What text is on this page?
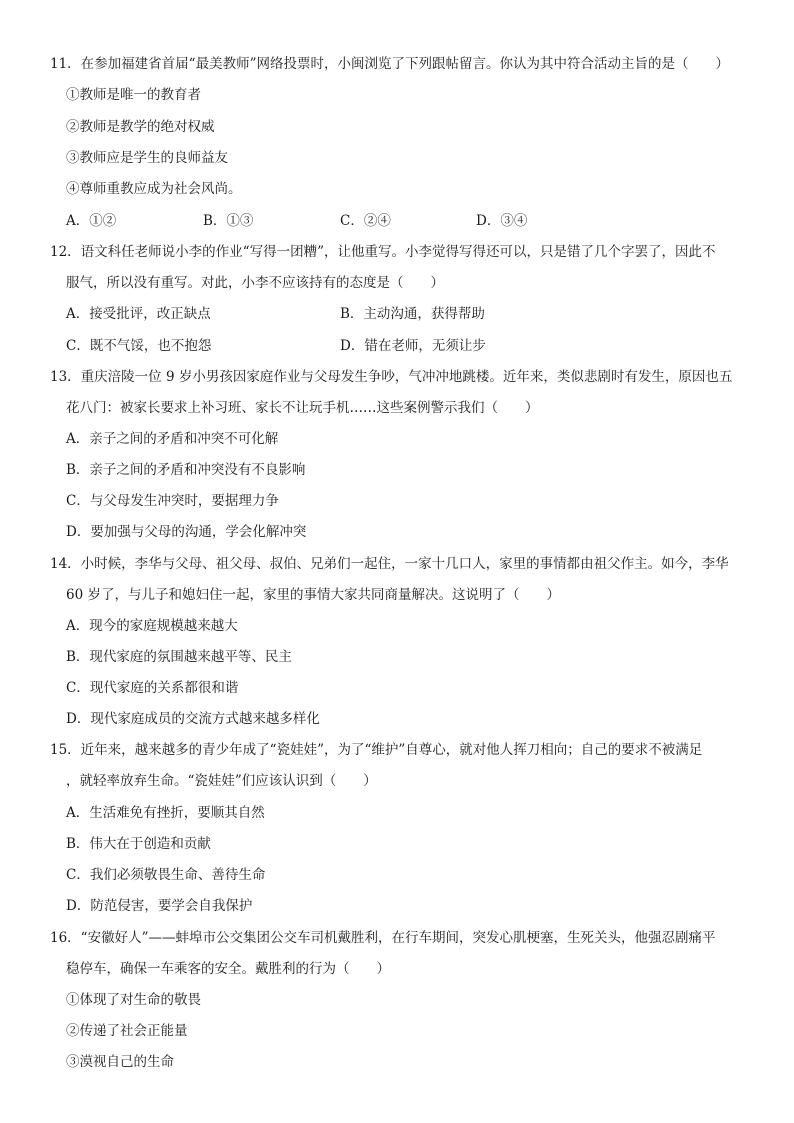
11．在参加福建省首届“最美教师”网络投票时，小闽浏览了下列跟帖留言。你认为其中符合活动主旨的是（　　）
①教师是唯一的教育者
②教师是教学的绝对权威
③教师应是学生的良师益友
④尊师重教应成为社会风尚。
A．①②	B．①③	C．②④	D．③④
12．语文科任老师说小李的作业“写得一团糟”，让他重写。小李觉得写得还可以，只是错了几个字罢了，因此不
服气，所以没有重写。对此，小李不应该持有的态度是（　　）
A．接受批评，改正缺点	B．主动沟通，获得帮助
C．既不气馁，也不抱怨	D．错在老师，无须让步
13．重庆涪陵一位 9 岁小男孩因家庭作业与父母发生争吵，气冲冲地跳楼。近年来，类似悲剧时有发生，原因也五
花八门：被家长要求上补习班、家长不让玩手机……这些案例警示我们（　　）
A．亲子之间的矛盾和冲突不可化解
B．亲子之间的矛盾和冲突没有不良影响
C．与父母发生冲突时，要据理力争
D．要加强与父母的沟通，学会化解冲突
14．小时候，李华与父母、祖父母、叔伯、兄弟们一起住，一家十几口人，家里的事情都由祖父作主。如今，李华
60 岁了，与儿子和媳妇住一起，家里的事情大家共同商量解决。这说明了（　　）
A．现今的家庭规模越来越大
B．现代家庭的氛围越来越平等、民主
C．现代家庭的关系都很和谐
D．现代家庭成员的交流方式越来越多样化
15．近年来，越来越多的青少年成了“瓷娃娃”，为了“维护”自尊心，就对他人挥刀相向；自己的要求不被满足
，就轻率放弃生命。“瓷娃娃”们应该认识到（　　）
A．生活难免有挫折，要顺其自然
B．伟大在于创造和贡献
C．我们必须敬畏生命、善待生命
D．防范侵害，要学会自我保护
16．“安徽好人”——蚌埠市公交集团公交车司机戴胜利，在行车期间，突发心肌梗塞，生死关头，他强忍剧痛平
稳停车，确保一车乘客的安全。戴胜利的行为（　　）
①体现了对生命的敬畏
②传递了社会正能量
③漠视自己的生命
